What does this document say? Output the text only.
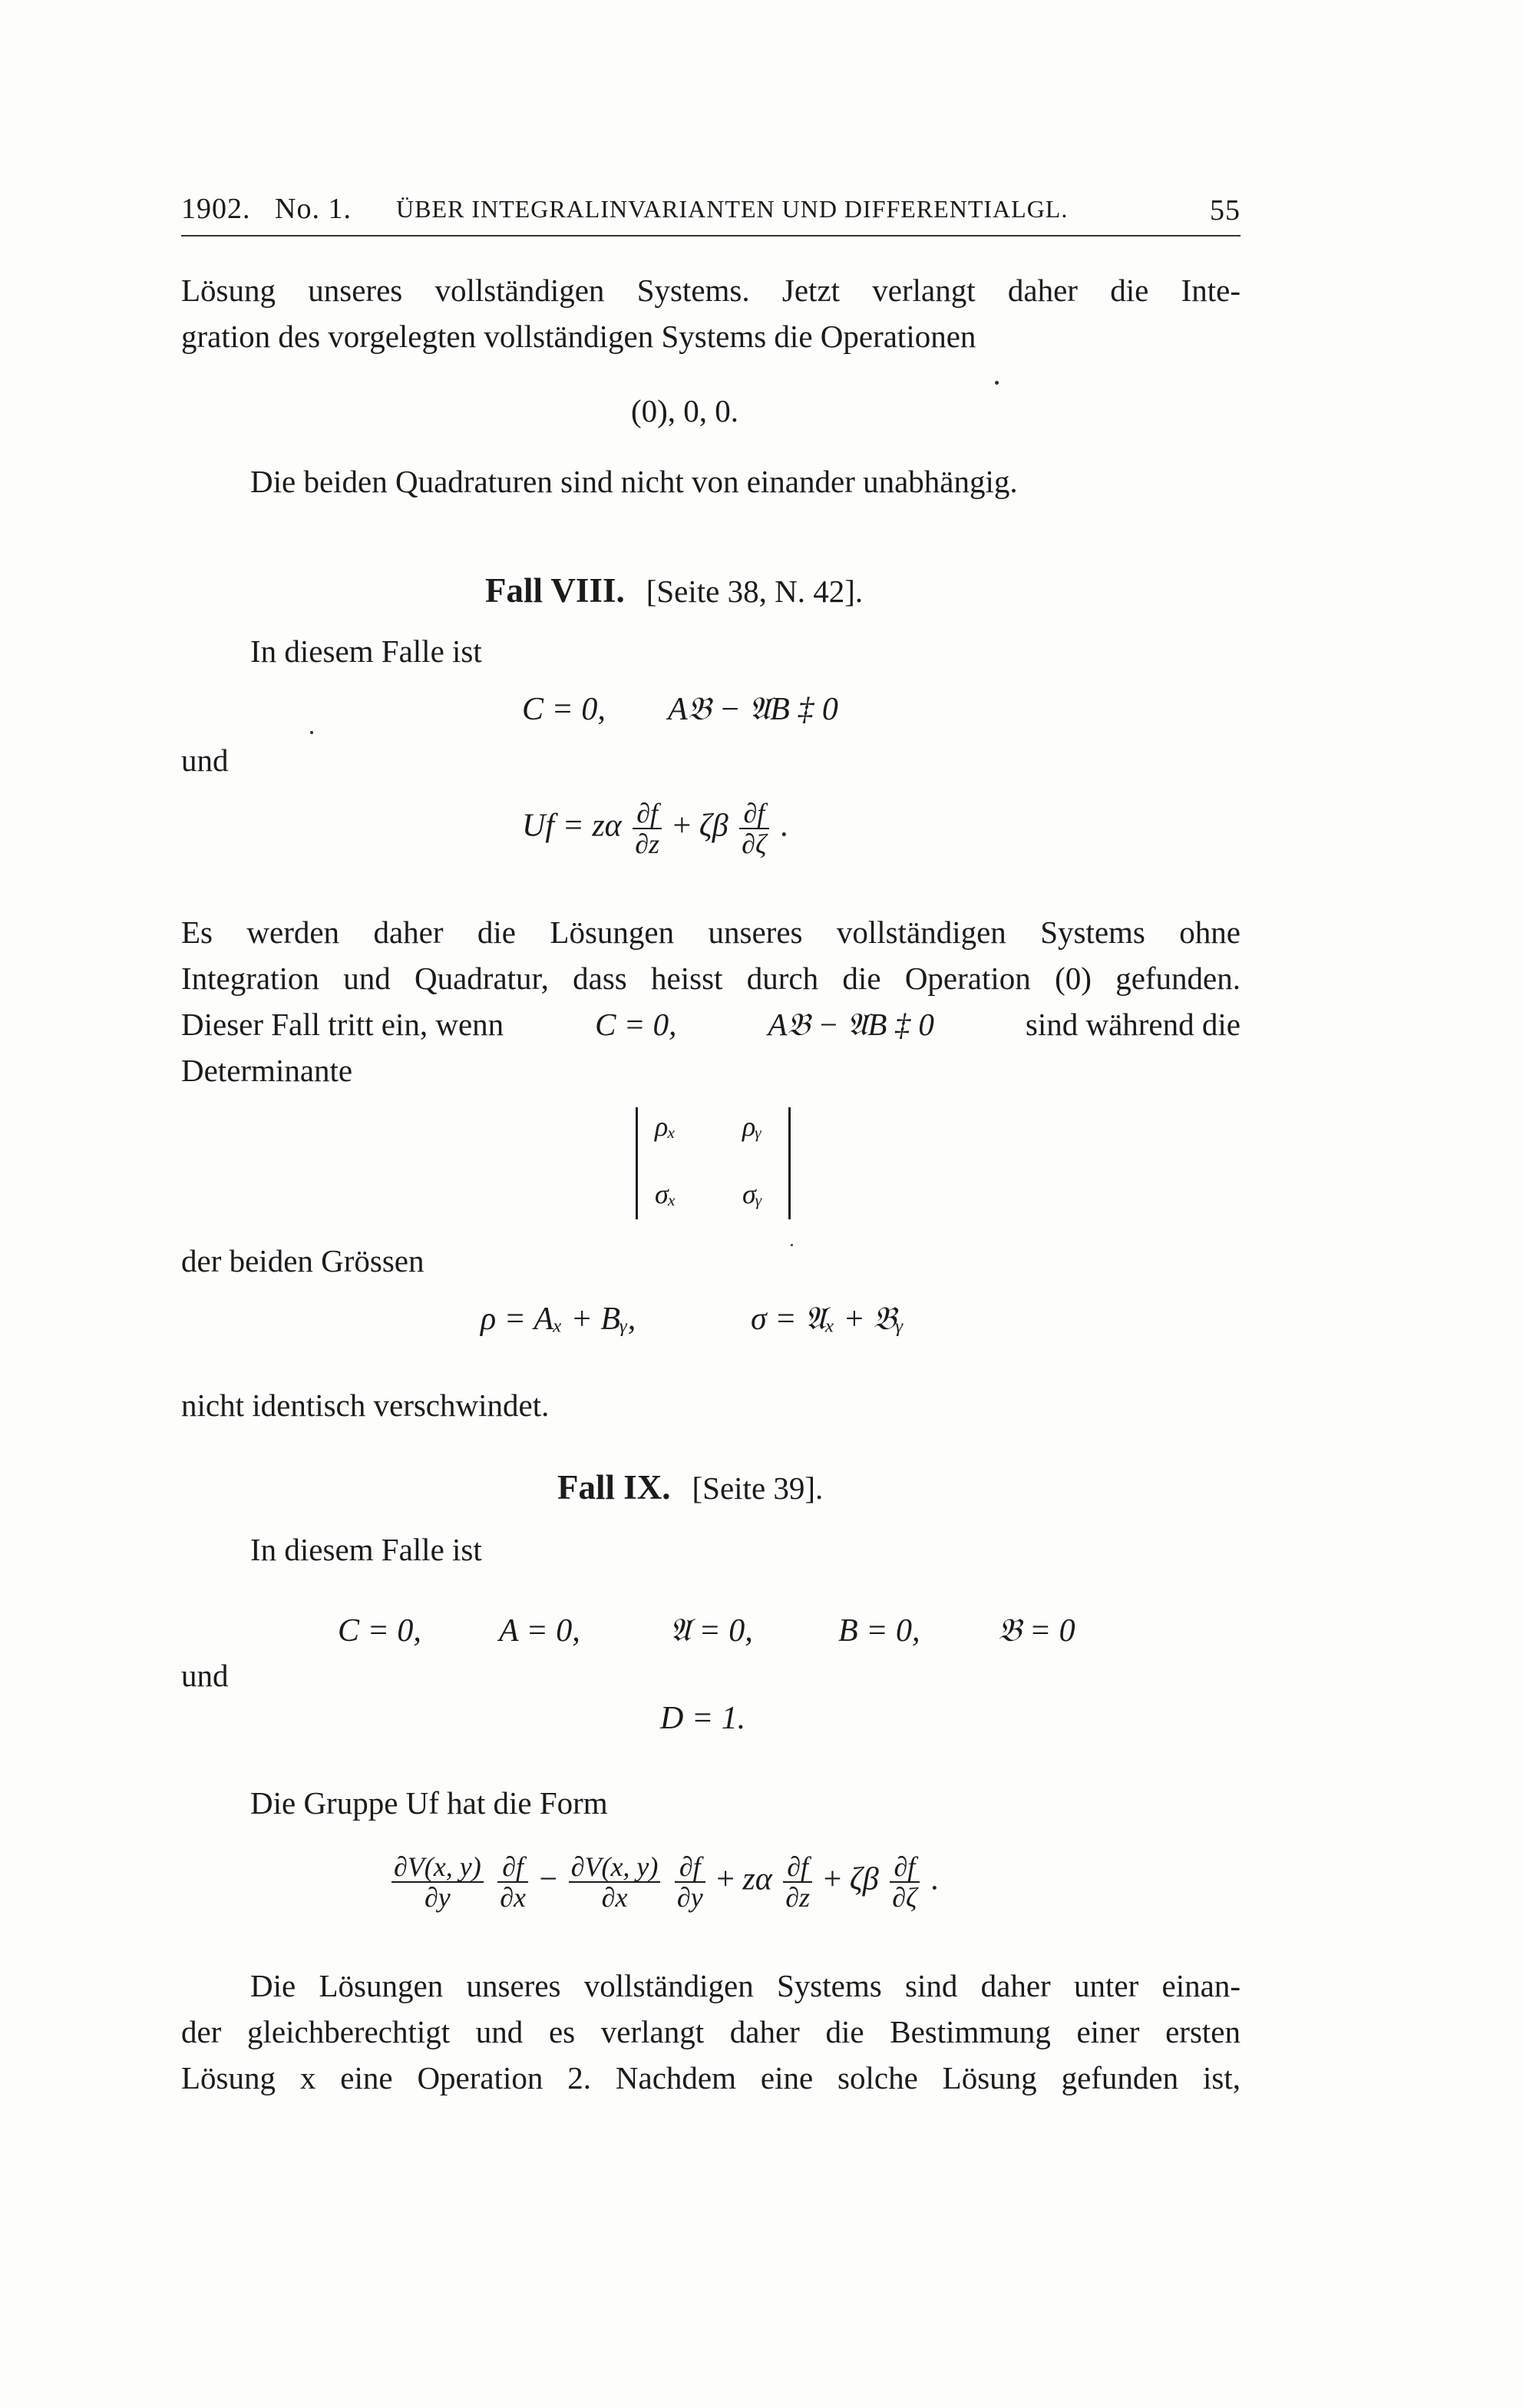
1902. No. 1. ÜBER INTEGRALINVARIANTEN UND DIFFERENTIALGL.	55
Lösung unseres vollständigen Systems. Jetzt verlangt daher die Inte-
gration des vorgelegten vollständigen Systems die Operationen
(0), 0, 0.
Die beiden Quadraturen sind nicht von einander unabhängig.
Fall VIII. [Seite 38, N. 42].
In diesem Falle ist
C = 0, A𝔅 − 𝔄B ‡ 0
und
Uf = zα $\frac{\partial f}{\partial z} + \zeta\beta \frac{\partial f}{\partial\zeta}$ .
Es werden daher die Lösungen unseres vollständigen Systems ohne
Integration und Quadratur, dass heisst durch die Operation (0) gefunden.
Dieser Fall tritt ein, wenn	C = 0,	A𝔅 − 𝔄B ‡ 0	sind während die
Determinante
ρₓ ρᵧ
σₓ σᵧ
der beiden Grössen
ρ = Aₓ + Bᵧ,	σ = 𝔄ₓ + 𝔅ᵧ
nicht identisch verschwindet.
Fall IX. [Seite 39].
In diesem Falle ist
C = 0, A = 0,	𝔄 = 0,	B = 0, 𝔅 = 0
und
D = 1.
Die Gruppe Uf hat die Form
$\frac{\partial V(x, y)}{\partial y}$
$\frac{\partial f}{\partial x} - \frac{\partial V(x, y)}{\partial x}$
$\frac{\partial f}{\partial y} + z\alpha \frac{\partial f}{\partial z} + \zeta\beta \frac{\partial f}{\partial\zeta}$ .
Die Lösungen unseres vollständigen Systems sind daher unter einan-
der gleichberechtigt und es verlangt daher die Bestimmung einer ersten
Lösung x eine Operation 2. Nachdem eine solche Lösung gefunden ist,
